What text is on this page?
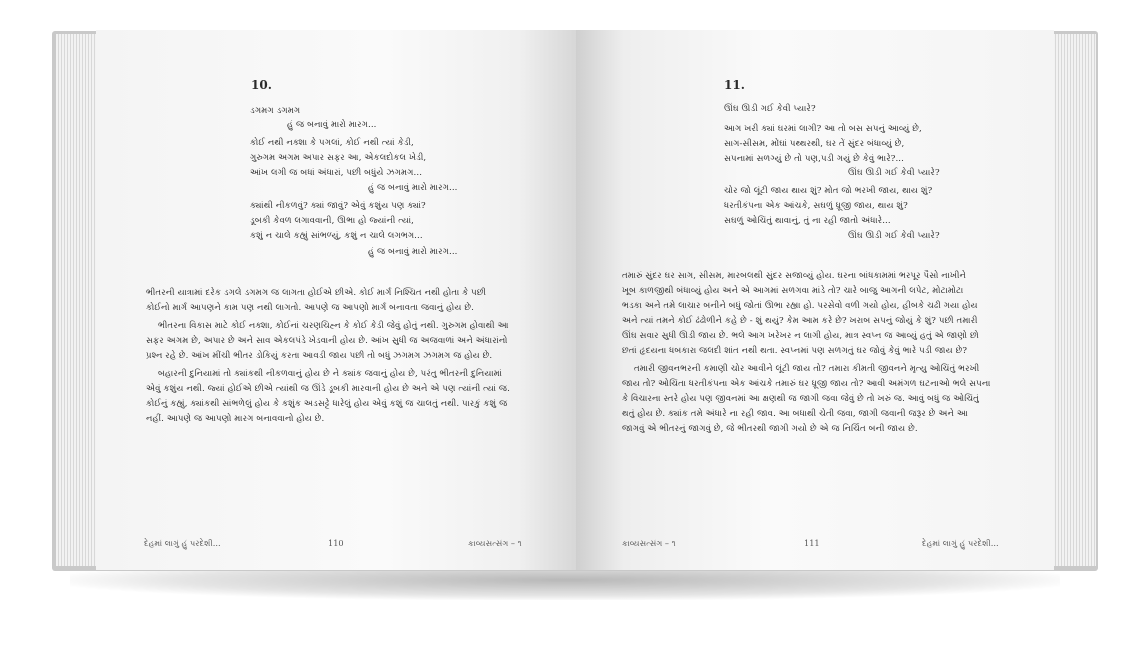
10.
ડગમગ ડગમગ
હું જ બનાવું મારો મારગ...
કોઈ નથી નક્શા કે પગલાં, કોઈ નથી ત્યાં કેડી,
ગુરુગમ અગમ અપાર સફર આ, એકલદોકલ ખેડી,
આંખ લગી જ બધાં અંધારાં, પછી બધુંયે ઝગમગ...
હું જ બનાવું મારો મારગ...
ક્યાંથી નીકળવું? ક્યાં જાવું? એવું કશુંય પણ ક્યાં?
ડૂબકી કેવળ લગાવવાની, ઊભા હો જ્યાંની ત્યાં,
કશું ન ચાલે કહ્યું સાંભળ્યું, કશું ન ચાલે લગભગ...
હું જ બનાવું મારો મારગ...
ભીતરની યાત્રામાં દરેક ડગલે ડગમગ જ લાગતા હોઈએ છીએ. કોઈ માર્ગ નિશ્ચિત નથી હોતા કે પછી
કોઈનો માર્ગ આપણને કામ પણ નથી લાગતો. આપણે જ આપણો માર્ગ બનાવતા જવાનું હોય છે.
ભીતરના વિકાસ માટે કોઈ નક્શા, કોઈનાં ચરણચિહ્ન કે કોઈ કેડી જેવું હોતું નથી. ગુરુગમ હોવાથી આ
સફર અગમ છે, અપાર છે અને સાવ એકલપંડે ખેડવાની હોય છે. આંખ સુધી જ અજવાળાં અને અંધારાંનો
પ્રશ્ન રહે છે. આંખ મીંચી ભીતર ડોકિયું કરતા આવડી જાય પછી તો બધું ઝગમગ ઝગમગ જ હોય છે.
બહારની દુનિયામાં તો ક્યાંકથી નીકળવાનું હોય છે ને ક્યાંક જવાનું હોય છે, પરંતુ ભીતરની દુનિયામાં
એવું કશુંય નથી. જ્યાં હોઈએ છીએ ત્યાંથી જ ઊંડે ડૂબકી મારવાની હોય છે અને એ પણ ત્યાંની ત્યાં જ.
કોઈનું કહ્યું, ક્યાંકથી સાંભળેલું હોય કે કશુંક અડસટ્ટે ધારેલું હોય એવું કશું જ ચાલતું નથી. પારકું કશું જ
નહીં. આપણે જ આપણો મારગ બનાવવાનો હોય છે.
દેહમાં લાગું હું પરદેશી...	110	કાવ્યસત્સંગ – ૧
11.
ઊંઘ ઊડી ગઈ કેવી પ્યારે?
આગ ખરી ક્યાં ઘરમાં લાગી? આ તો બસ સપનું આવ્યું છે,
સાગ-સીસમ, મોંઘાં પથ્થરથી, ઘર તેં સુંદર બંધાવ્યું છે,
સપનામાં સળગ્યું છે તો પણ,પડી ગયું છે કેવું ભારે?...
ઊંઘ ઊડી ગઈ કેવી પ્યારે?
ચોર જો લૂંટી જાય થાય શું? મોત જો ભરખી જાય, થાય શું?
ધરતીકંપના એક આંચકે, સઘળું ધ્રૂજી જાય, થાય શું?
સઘળું ઓચિંતું થાવાનું, તું ના રહી જાતો અંધારે...
ઊંઘ ઊડી ગઈ કેવી પ્યારે?
તમારું સુંદર ઘર સાગ, સીસમ, મારબલથી સુંદર સજાવ્યું હોય. ઘરના બાંધકામમાં ભરપૂર પૈસો નાખીને
ખૂબ કાળજીથી બંધાવ્યું હોય અને એ આગમાં સળગવા માંડે તો? ચારે બાજુ આગની લપેટ, મોટામોટા
ભડકા અને તમે લાચાર બનીને બધું જોતાં ઊભા રહ્યા હો. પરસેવો વળી ગયો હોય, હીબકે ચઢી ગયા હોય
અને ત્યાં તમને કોઈ ઢંઢોળીને કહે છે - શું થયું? કેમ આમ કરે છે? ખરાબ સપનું જોયું કે શું? પછી તમારી
ઊંઘ સવાર સુધી ઊડી જાય છે. ભલે આગ ખરેખર ન લાગી હોય, માત્ર સ્વપ્ન જ આવ્યું હતું એ જાણો છો
છતાં હૃદયના ધબકારા જલદી શાંત નથી થતા. સ્વપ્નમાં પણ સળગતું ઘર જોવું કેવું ભારે પડી જાય છે?
તમારી જીવનભરની કમાણી ચોર આવીને લૂંટી જાય તો? તમારા કીમતી જીવનને મૃત્યુ ઓચિંતું ભરખી
જાય તો? ઓચિંતા ધરતીકંપના એક આંચકે તમારું ઘર ધ્રૂજી જાય તો? આવી અમંગળ ઘટનાઓ ભલે સપના
કે વિચારના સ્તરે હોય પણ જીવનમાં આ ક્ષણથી જ જાગી જવા જેવું છે તો ખરું જ. આવું બધું જ ઓચિંતું
થતું હોય છે. ક્યાંક તમે અંધારે ના રહી જાવ. આ બધાથી ચેતી જવા, જાગી જવાની જરૂર છે અને આ
જાગવું એ ભીતરનું જાગવું છે, જે ભીતરથી જાગી ગયો છે એ જ નિર્ચિંત બની જાય છે.
કાવ્યસત્સંગ – ૧	111	દેહમાં લાગું હું પરદેશી...
